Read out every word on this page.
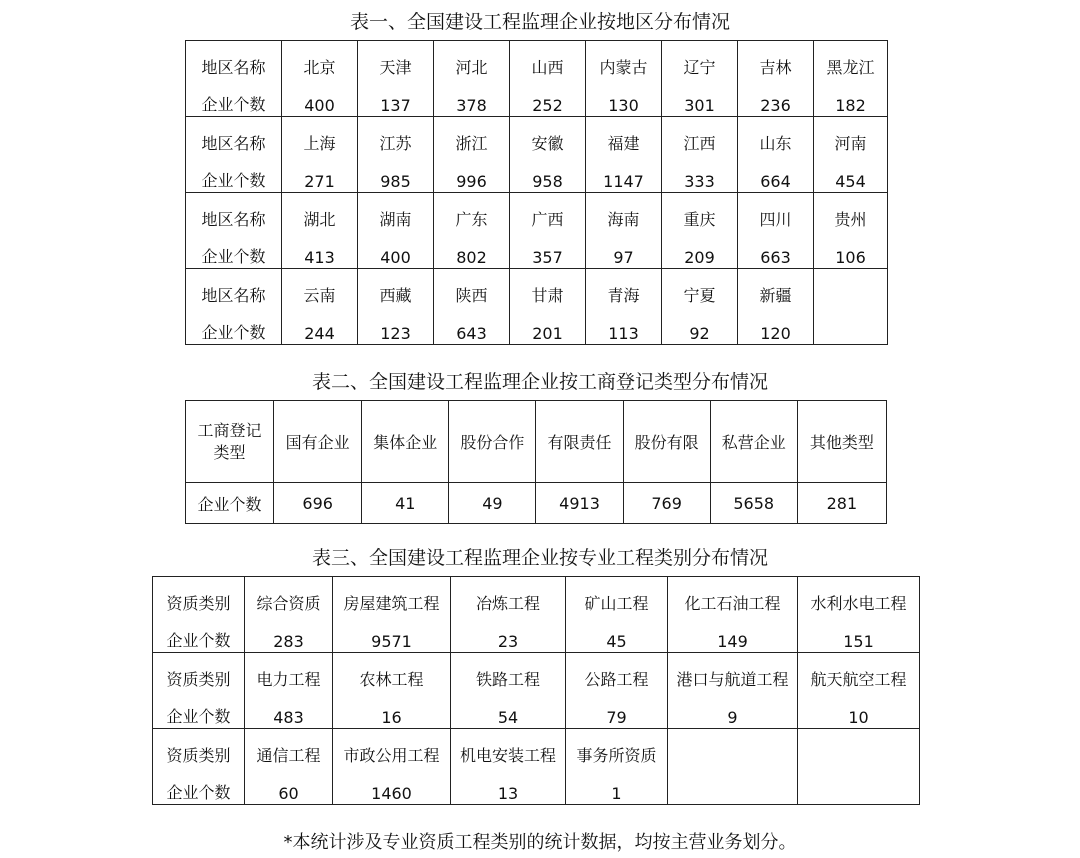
表一、全国建设工程监理企业按地区分布情况
地区名称	北京	天津	河北	山西	内蒙古	辽宁	吉林	黑龙江
企业个数	400	137	378	252	130	301	236	182
地区名称	上海	江苏	浙江	安徽	福建	江西	山东	河南
企业个数	271	985	996	958	1147	333	664	454
地区名称	湖北	湖南	广东	广西	海南	重庆	四川	贵州
企业个数	413	400	802	357	97	209	663	106
地区名称	云南	西藏	陕西	甘肃	青海	宁夏	新疆	
企业个数	244	123	643	201	113	92	120	
表二、全国建设工程监理企业按工商登记类型分布情况
工商登记类型	国有企业	集体企业	股份合作	有限责任	股份有限	私营企业	其他类型
企业个数	696	41	49	4913	769	5658	281
表三、全国建设工程监理企业按专业工程类别分布情况
资质类别	综合资质	房屋建筑工程	冶炼工程	矿山工程	化工石油工程	水利水电工程
企业个数	283	9571	23	45	149	151
资质类别	电力工程	农林工程	铁路工程	公路工程	港口与航道工程	航天航空工程
企业个数	483	16	54	79	9	10
资质类别	通信工程	市政公用工程	机电安装工程	事务所资质		
企业个数	60	1460	13	1		
*本统计涉及专业资质工程类别的统计数据，均按主营业务划分。
